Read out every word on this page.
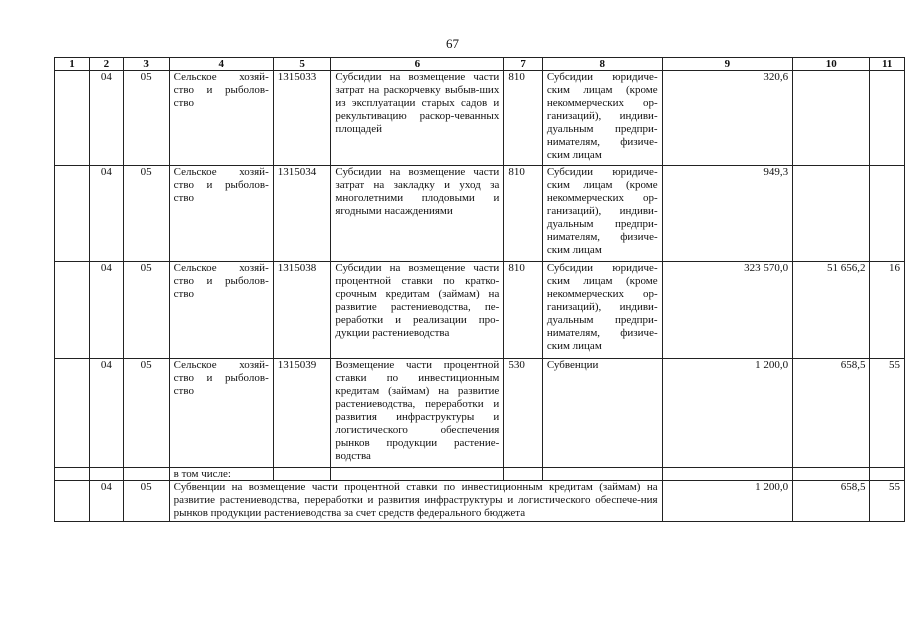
67
1	2	3	4	5	6	7	8	9	10	11
	04	05	Сельское хозяй-ство и рыболов-ство	1315033	Субсидии на возмещение части затрат на раскорчевку выбыв-ших из эксплуатации старых садов и рекультивацию раскор-чеванных площадей	810	Субсидии юридиче-ским лицам (кроме некоммерческих ор-ганизаций), индиви-дуальным предпри-нимателям, физиче-ским лицам	320,6		
	04	05	Сельское хозяй-ство и рыболов-ство	1315034	Субсидии на возмещение части затрат на закладку и уход за многолетними плодовыми и ягодными насаждениями	810	Субсидии юридиче-ским лицам (кроме некоммерческих ор-ганизаций), индиви-дуальным предпри-нимателям, физиче-ским лицам	949,3		
	04	05	Сельское хозяй-ство и рыболов-ство	1315038	Субсидии на возмещение части процентной ставки по кратко-срочным кредитам (займам) на развитие растениеводства, пе-реработки и реализации про-дукции растениеводства	810	Субсидии юридиче-ским лицам (кроме некоммерческих ор-ганизаций), индиви-дуальным предпри-нимателям, физиче-ским лицам	323 570,0	51 656,2	16
	04	05	Сельское хозяй-ство и рыболов-ство	1315039	Возмещение части процентной ставки по инвестиционным кредитам (займам) на развитие растениеводства, переработки и развития инфраструктуры и логистического обеспечения рынков продукции растение-водства	530	Субвенции	1 200,0	658,5	55
			в том числе:							
	04	05	Субвенции на возмещение части процентной ставки по инвестиционным кредитам (займам) на развитие растениеводства, переработки и развития инфраструктуры и логистического обеспече-ния рынков продукции растениеводства за счет средств федерального бюджета					1 200,0	658,5	55
